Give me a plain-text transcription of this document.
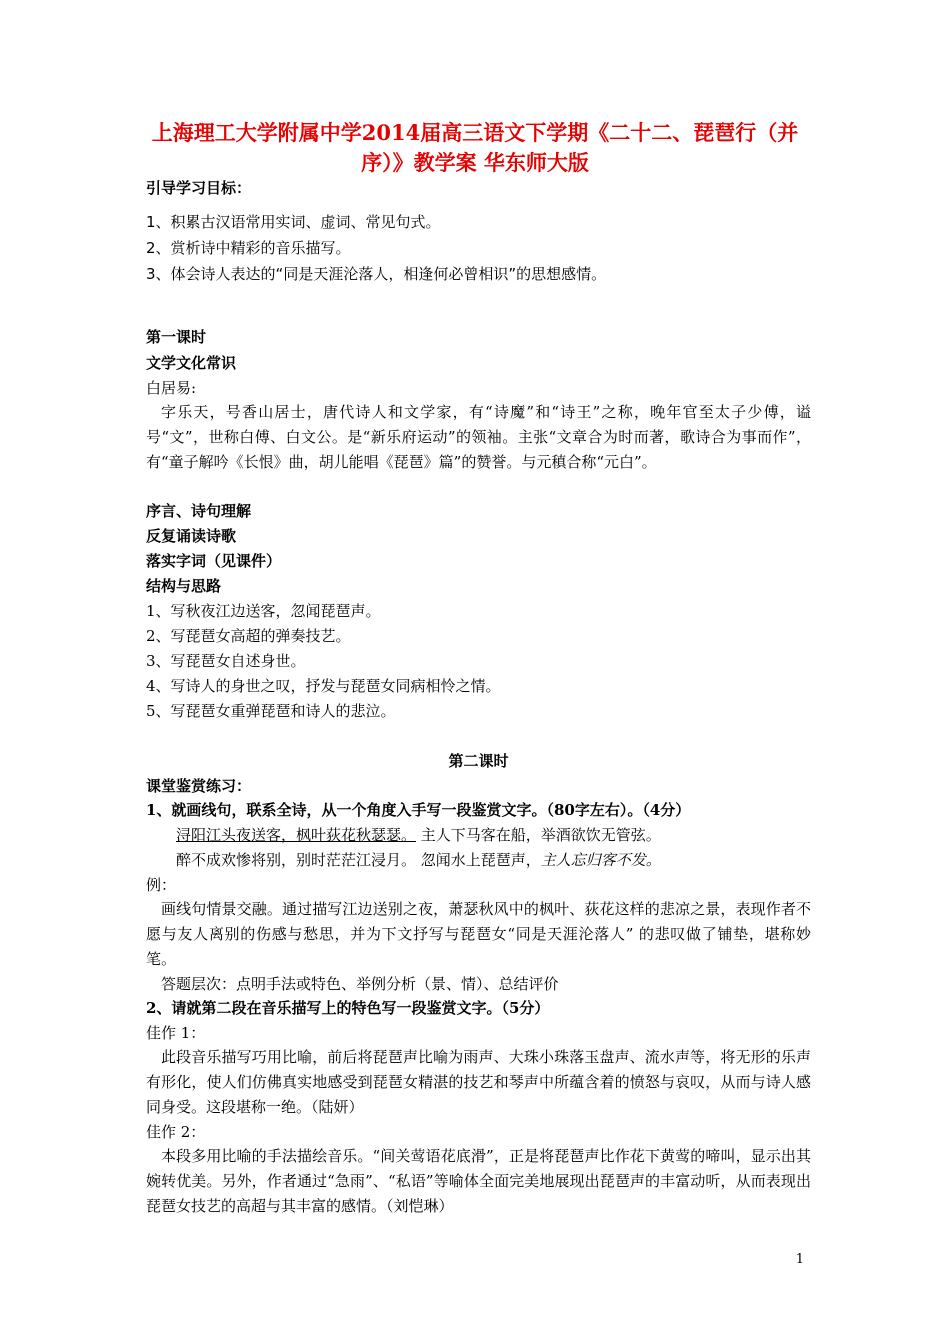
上海理工大学附属中学2014届高三语文下学期《二十二、琵琶行（并序）》教学案 华东师大版

引导学习目标：

1、积累古汉语常用实词、虚词、常见句式。

2、赏析诗中精彩的音乐描写。

3、体会诗人表达的“同是天涯沦落人，相逢何必曾相识”的思想感情。

第一课时

文学文化常识

白居易:

字乐天，号香山居士，唐代诗人和文学家，有“诗魔”和“诗王”之称，晚年官至太子少傅，谥号“文”，世称白傅、白文公。是“新乐府运动”的领袖。主张“文章合为时而著，歌诗合为事而作”，有“童子解吟《长恨》曲，胡儿能唱《琵琶》篇”的赞誉。与元稹合称“元白”。

序言、诗句理解

反复诵读诗歌

落实字词（见课件）

结构与思路

1、写秋夜江边送客，忽闻琵琶声。

2、写琵琶女高超的弹奏技艺。

3、写琵琶女自述身世。

4、写诗人的身世之叹，抒发与琵琶女同病相怜之情。

5、写琵琶女重弹琵琶和诗人的悲泣。

第二课时

课堂鉴赏练习：

1、就画线句，联系全诗，从一个角度入手写一段鉴赏文字。（80字左右）。（4分）

浔阳江头夜送客，枫叶荻花秋瑟瑟。 主人下马客在船，举酒欲饮无管弦。

醉不成欢惨将别，别时茫茫江浸月。 忽闻水上琵琶声，主人忘归客不发。

例：

画线句情景交融。通过描写江边送别之夜，萧瑟秋风中的枫叶、荻花这样的悲凉之景，表现作者不愿与友人离别的伤感与愁思，并为下文抒写与琵琶女“同是天涯沦落人” 的悲叹做了铺垫，堪称妙笔。

答题层次：点明手法或特色、举例分析（景、情）、总结评价

2、请就第二段在音乐描写上的特色写一段鉴赏文字。（5分）

佳作 1：

此段音乐描写巧用比喻，前后将琵琶声比喻为雨声、大珠小珠落玉盘声、流水声等，将无形的乐声有形化，使人们仿佛真实地感受到琵琶女精湛的技艺和琴声中所蕴含着的愤怒与哀叹，从而与诗人感同身受。这段堪称一绝。（陆妍）

佳作 2：

本段多用比喻的手法描绘音乐。“间关莺语花底滑”，正是将琵琶声比作花下黄莺的啼叫，显示出其婉转优美。另外，作者通过“急雨”、“私语”等喻体全面完美地展现出琵琶声的丰富动听，从而表现出琵琶女技艺的高超与其丰富的感情。（刘恺琳）

1
